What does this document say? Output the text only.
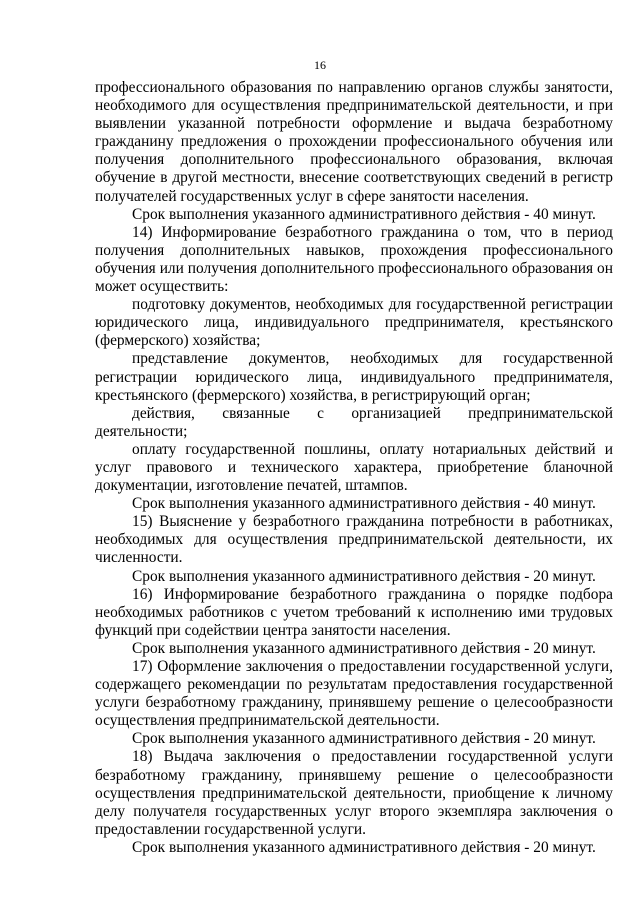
16

профессионального образования по направлению органов службы занятости, необходимого для осуществления предпринимательской деятельности, и при выявлении указанной потребности оформление и выдача безработному гражданину предложения о прохождении профессионального обучения или получения дополнительного профессионального образования, включая обучение в другой местности, внесение соответствующих сведений в регистр получателей государственных услуг в сфере занятости населения.

Срок выполнения указанного административного действия - 40 минут.

14) Информирование безработного гражданина о том, что в период получения дополнительных навыков, прохождения профессионального обучения или получения дополнительного профессионального образования он может осуществить:

подготовку документов, необходимых для государственной регистрации юридического лица, индивидуального предпринимателя, крестьянского (фермерского) хозяйства;

представление документов, необходимых для государственной регистрации юридического лица, индивидуального предпринимателя, крестьянского (фермерского) хозяйства, в регистрирующий орган;

действия, связанные с организацией предпринимательской деятельности;

оплату государственной пошлины, оплату нотариальных действий и услуг правового и технического характера, приобретение бланочной документации, изготовление печатей, штампов.

Срок выполнения указанного административного действия - 40 минут.

15) Выяснение у безработного гражданина потребности в работниках, необходимых для осуществления предпринимательской деятельности, их численности.

Срок выполнения указанного административного действия - 20 минут.

16) Информирование безработного гражданина о порядке подбора необходимых работников с учетом требований к исполнению ими трудовых функций при содействии центра занятости населения.

Срок выполнения указанного административного действия - 20 минут.

17) Оформление заключения о предоставлении государственной услуги, содержащего рекомендации по результатам предоставления государственной услуги безработному гражданину, принявшему решение о целесообразности осуществления предпринимательской деятельности.

Срок выполнения указанного административного действия - 20 минут.

18) Выдача заключения о предоставлении государственной услуги безработному гражданину, принявшему решение о целесообразности осуществления предпринимательской деятельности, приобщение к личному делу получателя государственных услуг второго экземпляра заключения о предоставлении государственной услуги.

Срок выполнения указанного административного действия - 20 минут.
